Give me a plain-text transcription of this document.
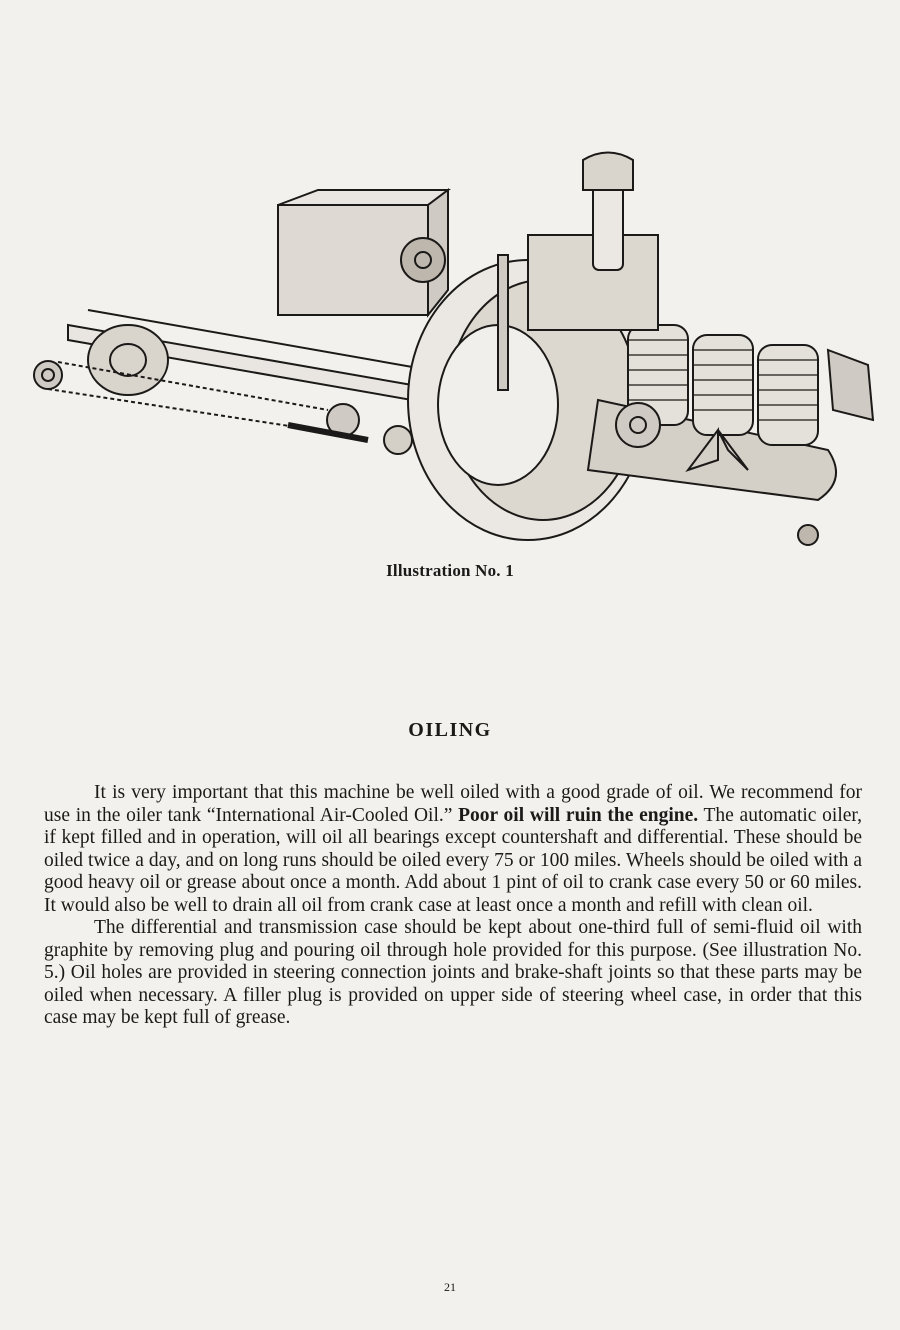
Illustration No. 1
OILING

It is very important that this machine be well oiled with a good grade of oil. We recommend for use in the oiler tank “International Air-Cooled Oil.” Poor oil will ruin the engine. The automatic oiler, if kept filled and in operation, will oil all bearings except countershaft and differential. These should be oiled twice a day, and on long runs should be oiled every 75 or 100 miles. Wheels should be oiled with a good heavy oil or grease about once a month. Add about 1 pint of oil to crank case every 50 or 60 miles. It would also be well to drain all oil from crank case at least once a month and refill with clean oil.

The differential and transmission case should be kept about one-third full of semi-fluid oil with graphite by removing plug and pouring oil through hole provided for this purpose. (See illustration No. 5.) Oil holes are provided in steering connection joints and brake-shaft joints so that these parts may be oiled when necessary. A filler plug is provided on upper side of steering wheel case, in order that this case may be kept full of grease.

21
